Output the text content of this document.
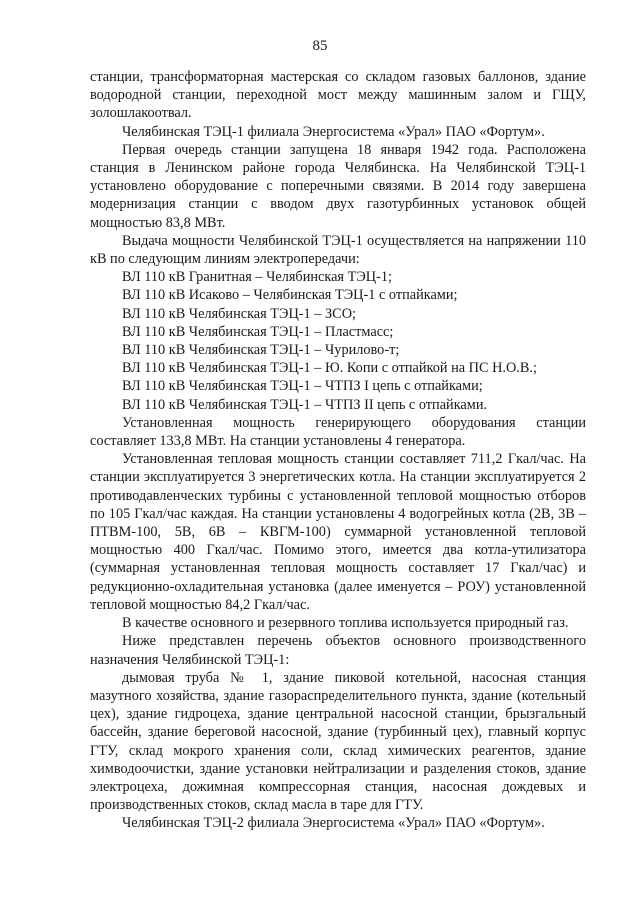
85

станции, трансформаторная мастерская со складом газовых баллонов, здание водородной станции, переходной мост между машинным залом и ГЩУ, золошлакоотвал.

Челябинская ТЭЦ-1 филиала Энергосистема «Урал» ПАО «Фортум».

Первая очередь станции запущена 18 января 1942 года. Расположена станция в Ленинском районе города Челябинска. На Челябинской ТЭЦ-1 установлено оборудование с поперечными связями. В 2014 году завершена модернизация станции с вводом двух газотурбинных установок общей мощностью 83,8 МВт.

Выдача мощности Челябинской ТЭЦ-1 осуществляется на напряжении 110 кВ по следующим линиям электропередачи:

ВЛ 110 кВ Гранитная – Челябинская ТЭЦ-1;

ВЛ 110 кВ Исаково – Челябинская ТЭЦ-1 с отпайками;

ВЛ 110 кВ Челябинская ТЭЦ-1 – ЗСО;

ВЛ 110 кВ Челябинская ТЭЦ-1 – Пластмасс;

ВЛ 110 кВ Челябинская ТЭЦ-1 – Чурилово-т;

ВЛ 110 кВ Челябинская ТЭЦ-1 – Ю. Копи с отпайкой на ПС Н.О.В.;

ВЛ 110 кВ Челябинская ТЭЦ-1 – ЧТПЗ I цепь с отпайками;

ВЛ 110 кВ Челябинская ТЭЦ-1 – ЧТПЗ II цепь с отпайками.

Установленная мощность генерирующего оборудования станции составляет 133,8 МВт. На станции установлены 4 генератора.

Установленная тепловая мощность станции составляет 711,2 Гкал/час. На станции эксплуатируется 3 энергетических котла. На станции эксплуатируется 2 противодавленческих турбины с установленной тепловой мощностью отборов по 105 Гкал/час каждая. На станции установлены 4 водогрейных котла (2В, 3В – ПТВМ-100, 5В, 6В – КВГМ-100) суммарной установленной тепловой мощностью 400 Гкал/час. Помимо этого, имеется два котла-утилизатора (суммарная установленная тепловая мощность составляет 17 Гкал/час) и редукционно-охладительная установка (далее именуется – РОУ) установленной тепловой мощностью 84,2 Гкал/час.

В качестве основного и резервного топлива используется природный газ.

Ниже представлен перечень объектов основного производственного назначения Челябинской ТЭЦ-1:

дымовая труба № 1, здание пиковой котельной, насосная станция мазутного хозяйства, здание газораспределительного пункта, здание (котельный цех), здание гидроцеха, здание центральной насосной станции, брызгальный бассейн, здание береговой насосной, здание (турбинный цех), главный корпус ГТУ, склад мокрого хранения соли, склад химических реагентов, здание химводоочистки, здание установки нейтрализации и разделения стоков, здание электроцеха, дожимная компрессорная станция, насосная дождевых и производственных стоков, склад масла в таре для ГТУ.

Челябинская ТЭЦ-2 филиала Энергосистема «Урал» ПАО «Фортум».
